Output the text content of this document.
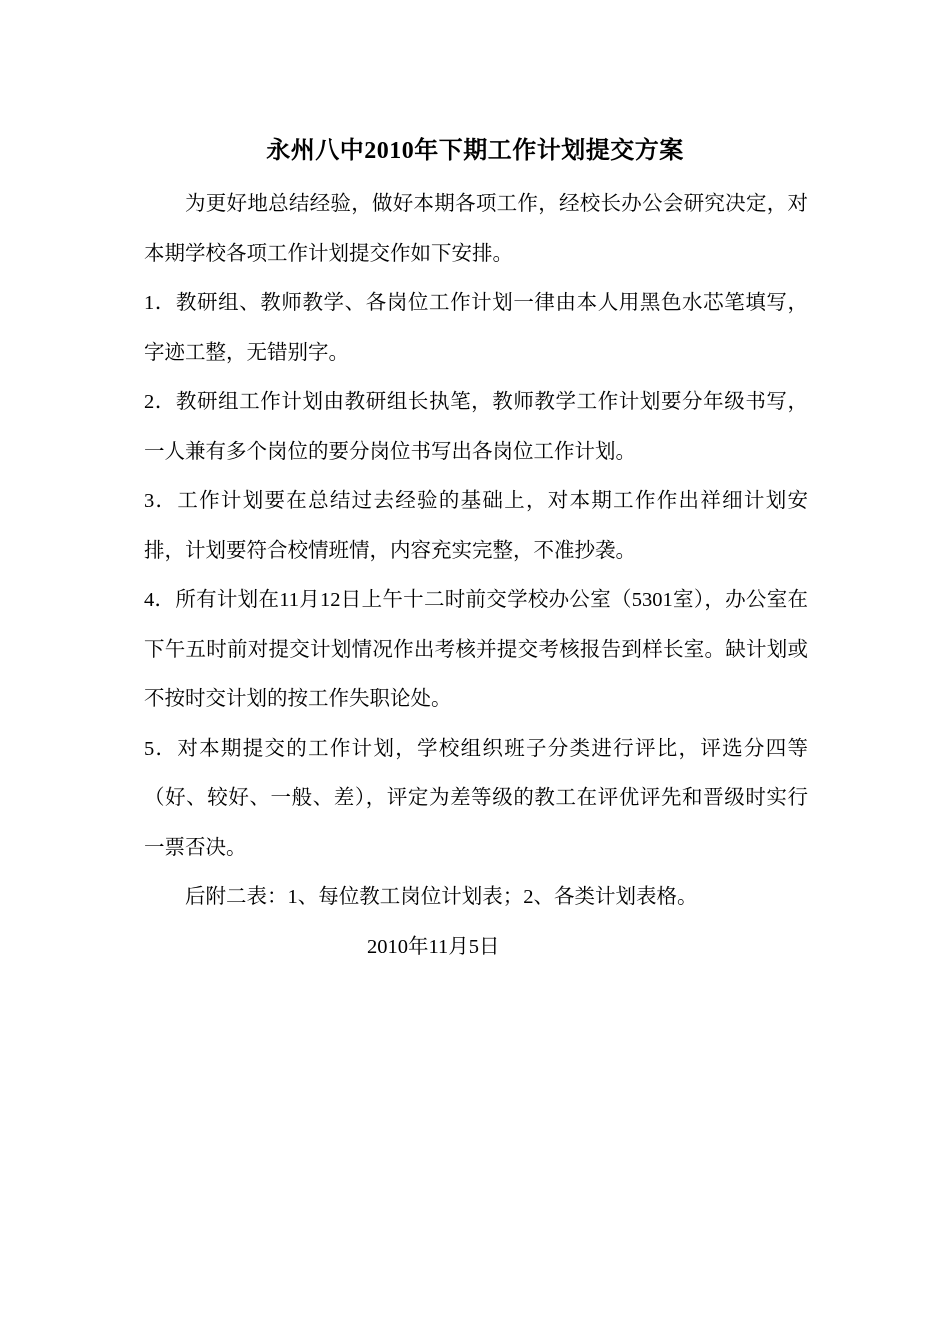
永州八中2010年下期工作计划提交方案

为更好地总结经验，做好本期各项工作，经校长办公会研究决定，对本期学校各项工作计划提交作如下安排。

1．教研组、教师教学、各岗位工作计划一律由本人用黑色水芯笔填写，字迹工整，无错别字。

2．教研组工作计划由教研组长执笔，教师教学工作计划要分年级书写，一人兼有多个岗位的要分岗位书写出各岗位工作计划。

3．工作计划要在总结过去经验的基础上，对本期工作作出祥细计划安排，计划要符合校情班情，内容充实完整，不准抄袭。

4．所有计划在11月12日上午十二时前交学校办公室（5301室），办公室在下午五时前对提交计划情况作出考核并提交考核报告到样长室。缺计划或不按时交计划的按工作失职论处。

5．对本期提交的工作计划，学校组织班子分类进行评比，评选分四等（好、较好、一般、差），评定为差等级的教工在评优评先和晋级时实行一票否决。

后附二表：1、每位教工岗位计划表；2、各类计划表格。

2010年11月5日
